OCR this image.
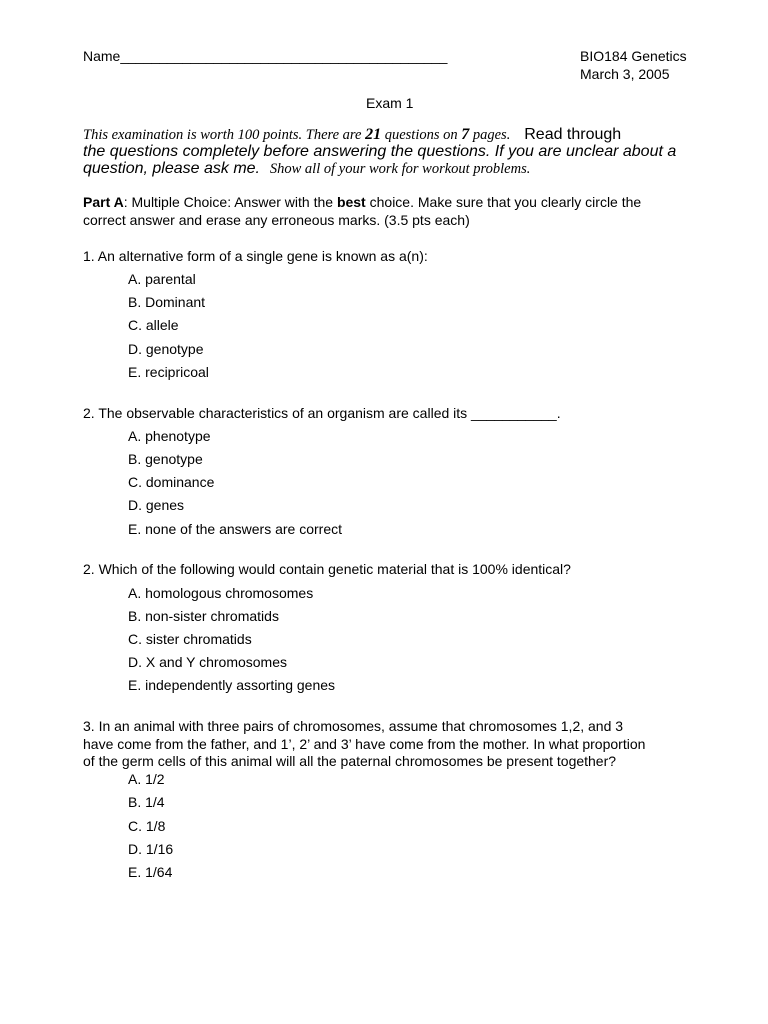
Name__________________________________________	BIO184 Genetics
March 3, 2005
Exam 1
This examination is worth 100 points. There are 21 questions on 7 pages. Read through
the questions completely before answering the questions. If you are unclear about a
question, please ask me. Show all of your work for workout problems.
Part A: Multiple Choice: Answer with the best choice. Make sure that you clearly circle the
correct answer and erase any erroneous marks. (3.5 pts each)
1. An alternative form of a single gene is known as a(n):
A. parental
B. Dominant
C. allele
D. genotype
E. recipricoal
2. The observable characteristics of an organism are called its ___________.
A. phenotype
B. genotype
C. dominance
D. genes
E. none of the answers are correct
2. Which of the following would contain genetic material that is 100% identical?
A. homologous chromosomes
B. non-sister chromatids
C. sister chromatids
D. X and Y chromosomes
E. independently assorting genes
3. In an animal with three pairs of chromosomes, assume that chromosomes 1,2, and 3
have come from the father, and 1’, 2’ and 3’ have come from the mother. In what proportion
of the germ cells of this animal will all the paternal chromosomes be present together?
A. 1/2
B. 1/4
C. 1/8
D. 1/16
E. 1/64
